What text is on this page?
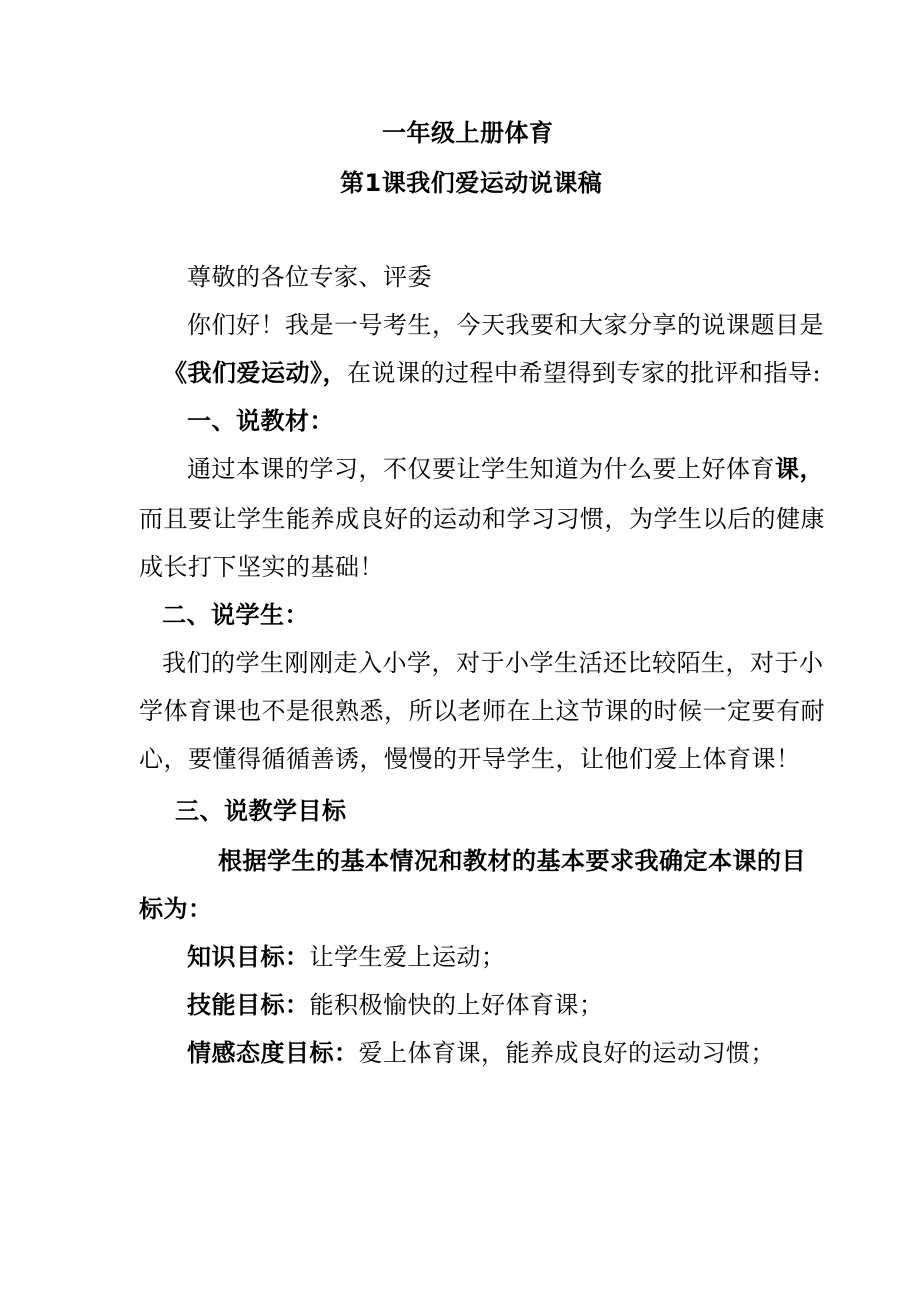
一年级上册体育
第1课我们爱运动说课稿
尊敬的各位专家、评委
你们好！我是一号考生，今天我要和大家分享的说课题目是
《我们爱运动》，在说课的过程中希望得到专家的批评和指导:
一、说教材：
通过本课的学习，不仅要让学生知道为什么要上好体育课，
而且要让学生能养成良好的运动和学习习惯，为学生以后的健康
成长打下坚实的基础！
二、说学生：
我们的学生刚刚走入小学，对于小学生活还比较陌生，对于小
学体育课也不是很熟悉，所以老师在上这节课的时候一定要有耐
心，要懂得循循善诱，慢慢的开导学生，让他们爱上体育课！
三、说教学目标
根据学生的基本情况和教材的基本要求我确定本课的目
标为：
知识目标：让学生爱上运动；
技能目标：能积极愉快的上好体育课；
情感态度目标：爱上体育课，能养成良好的运动习惯；
